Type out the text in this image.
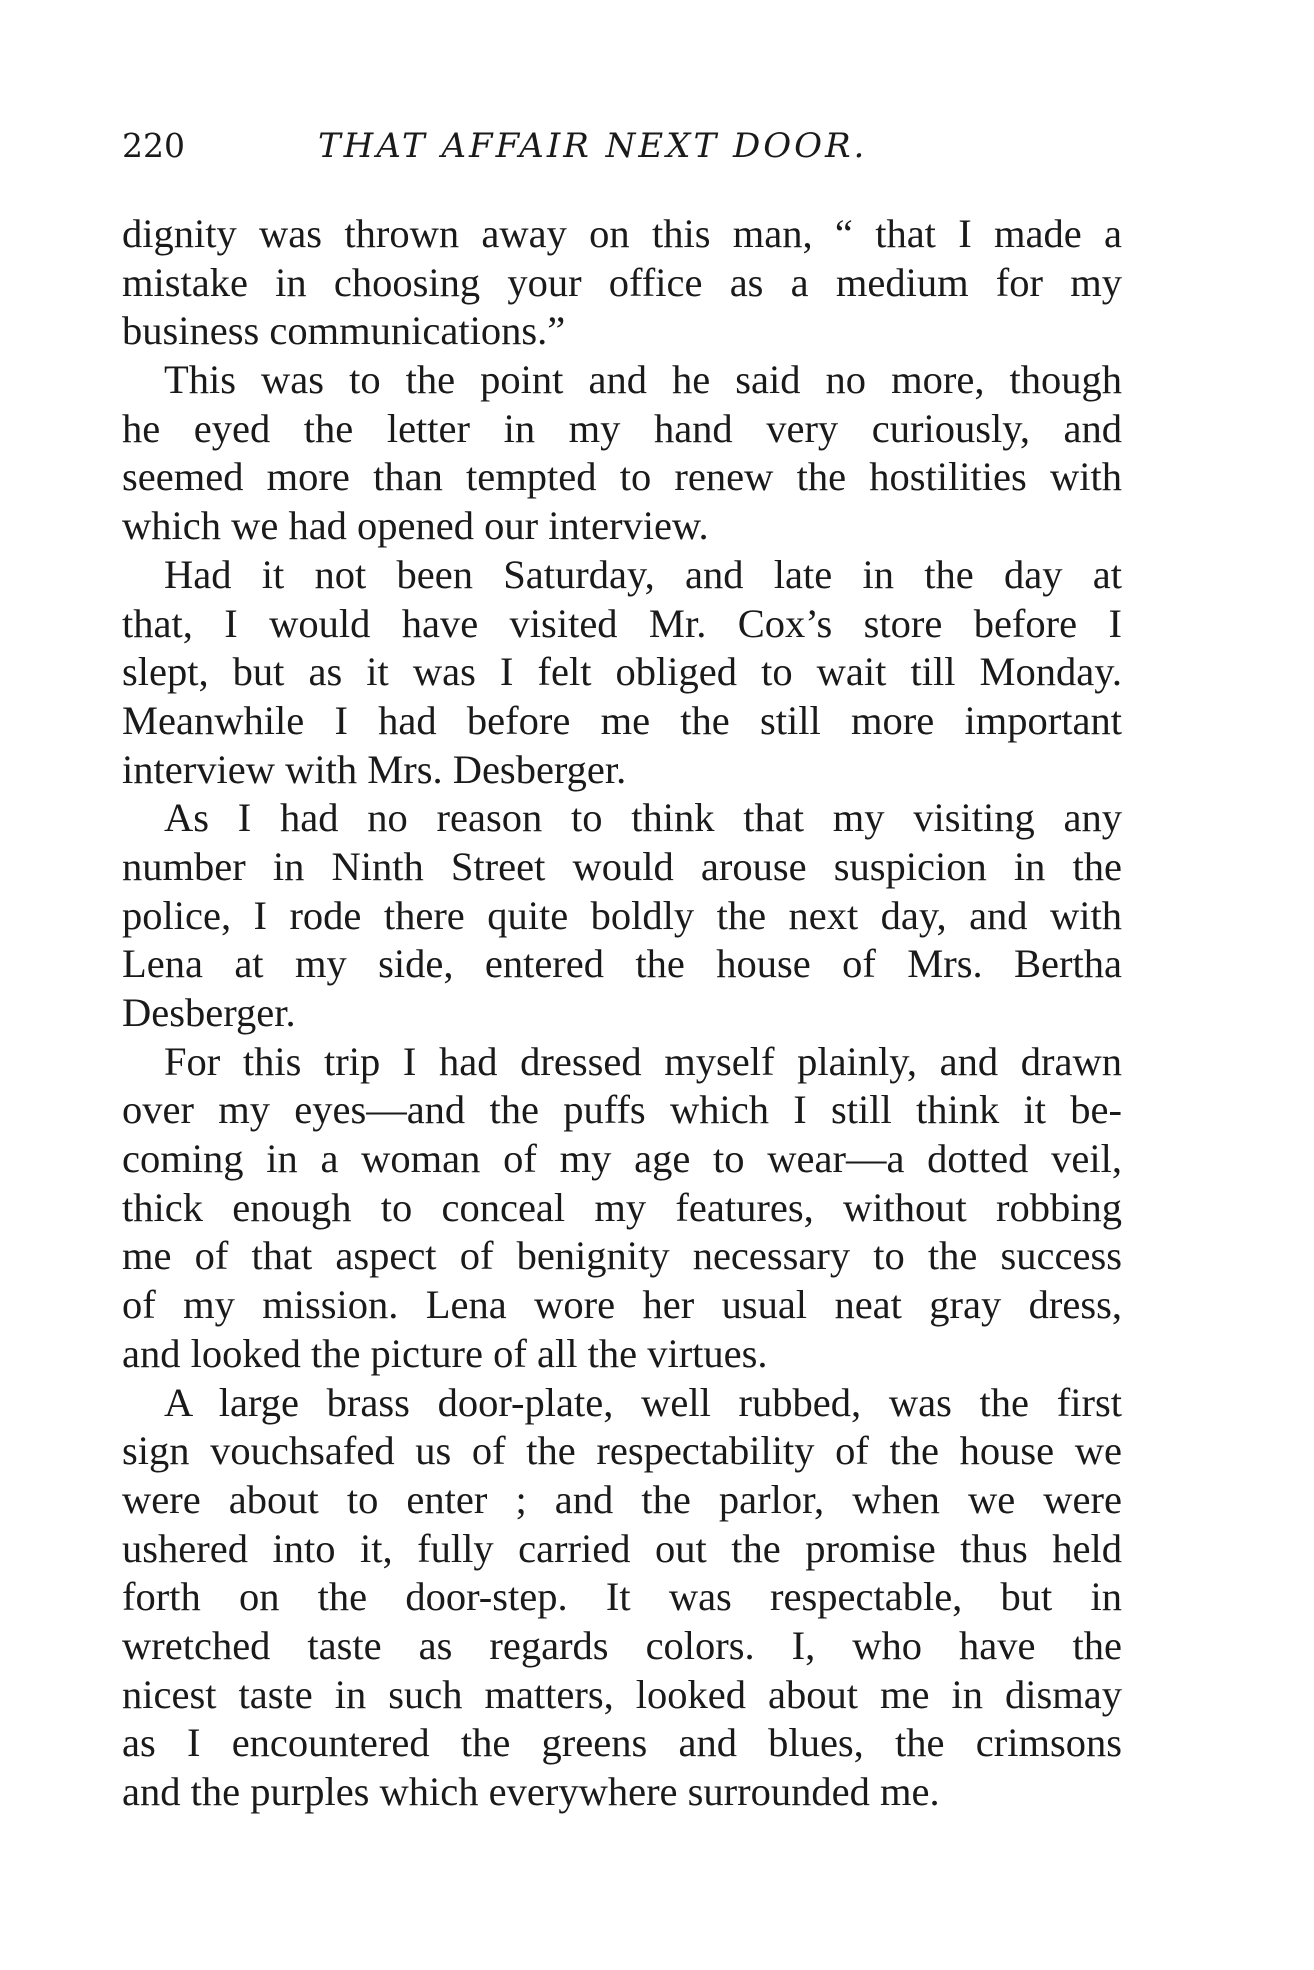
220	THAT AFFAIR NEXT DOOR.

dignity was thrown away on this man, “ that I made a
mistake in choosing your office as a medium for my
business communications.”

This was to the point and he said no more, though
he eyed the letter in my hand very curiously, and
seemed more than tempted to renew the hostilities with
which we had opened our interview.

Had it not been Saturday, and late in the day at
that, I would have visited Mr. Cox’s store before I
slept, but as it was I felt obliged to wait till Monday.
Meanwhile I had before me the still more important
interview with Mrs. Desberger.

As I had no reason to think that my visiting any
number in Ninth Street would arouse suspicion in the
police, I rode there quite boldly the next day, and with
Lena at my side, entered the house of Mrs. Bertha
Desberger.

For this trip I had dressed myself plainly, and drawn
over my eyes—and the puffs which I still think it be-
coming in a woman of my age to wear—a dotted veil,
thick enough to conceal my features, without robbing
me of that aspect of benignity necessary to the success
of my mission. Lena wore her usual neat gray dress,
and looked the picture of all the virtues.

A large brass door-plate, well rubbed, was the first
sign vouchsafed us of the respectability of the house we
were about to enter ; and the parlor, when we were
ushered into it, fully carried out the promise thus held
forth on the door-step. It was respectable, but in
wretched taste as regards colors. I, who have the
nicest taste in such matters, looked about me in dismay
as I encountered the greens and blues, the crimsons
and the purples which everywhere surrounded me.
